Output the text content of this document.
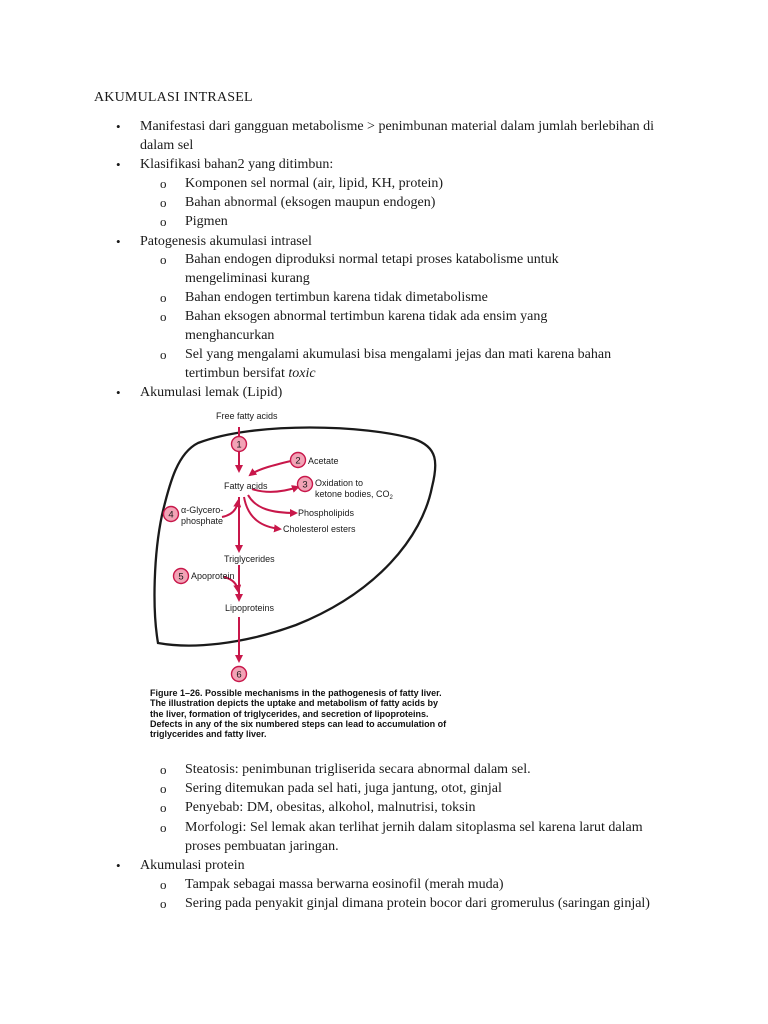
AKUMULASI INTRASEL
• Manifestasi dari gangguan metabolisme > penimbunan material dalam jumlah berlebihan di dalam sel
• Klasifikasi bahan2 yang ditimbun:
o Komponen sel normal (air, lipid, KH, protein)
o Bahan abnormal (eksogen maupun endogen)
o Pigmen
• Patogenesis akumulasi intrasel
o Bahan endogen diproduksi normal tetapi proses katabolisme untuk mengeliminasi kurang
o Bahan endogen tertimbun karena tidak dimetabolisme
o Bahan eksogen abnormal tertimbun karena tidak ada ensim yang menghancurkan
o Sel yang mengalami akumulasi bisa mengalami jejas dan mati karena bahan tertimbun bersifat toxic
• Akumulasi lemak (Lipid)
1
2
3
4
5
6
Free fatty acids
Acetate
Fatty acids	Oxidation to
ketone bodies, $CO_2$
α-Glycero-
phosphate
Phospholipids
Cholesterol esters
Triglycerides
Apoprotein
Lipoproteins
Figure 1–26. Possible mechanisms in the pathogenesis of fatty liver. The illustration depicts the uptake and metabolism of fatty acids by the liver, formation of triglycerides, and secretion of lipoproteins. Defects in any of the six numbered steps can lead to accumulation of triglycerides and fatty liver.
o Steatosis: penimbunan trigliserida secara abnormal dalam sel.
o Sering ditemukan pada sel hati, juga jantung, otot, ginjal
o Penyebab: DM, obesitas, alkohol, malnutrisi, toksin
o Morfologi: Sel lemak akan terlihat jernih dalam sitoplasma sel karena larut dalam proses pembuatan jaringan.
• Akumulasi protein
o Tampak sebagai massa berwarna eosinofil (merah muda)
o Sering pada penyakit ginjal dimana protein bocor dari gromerulus (saringan ginjal)
